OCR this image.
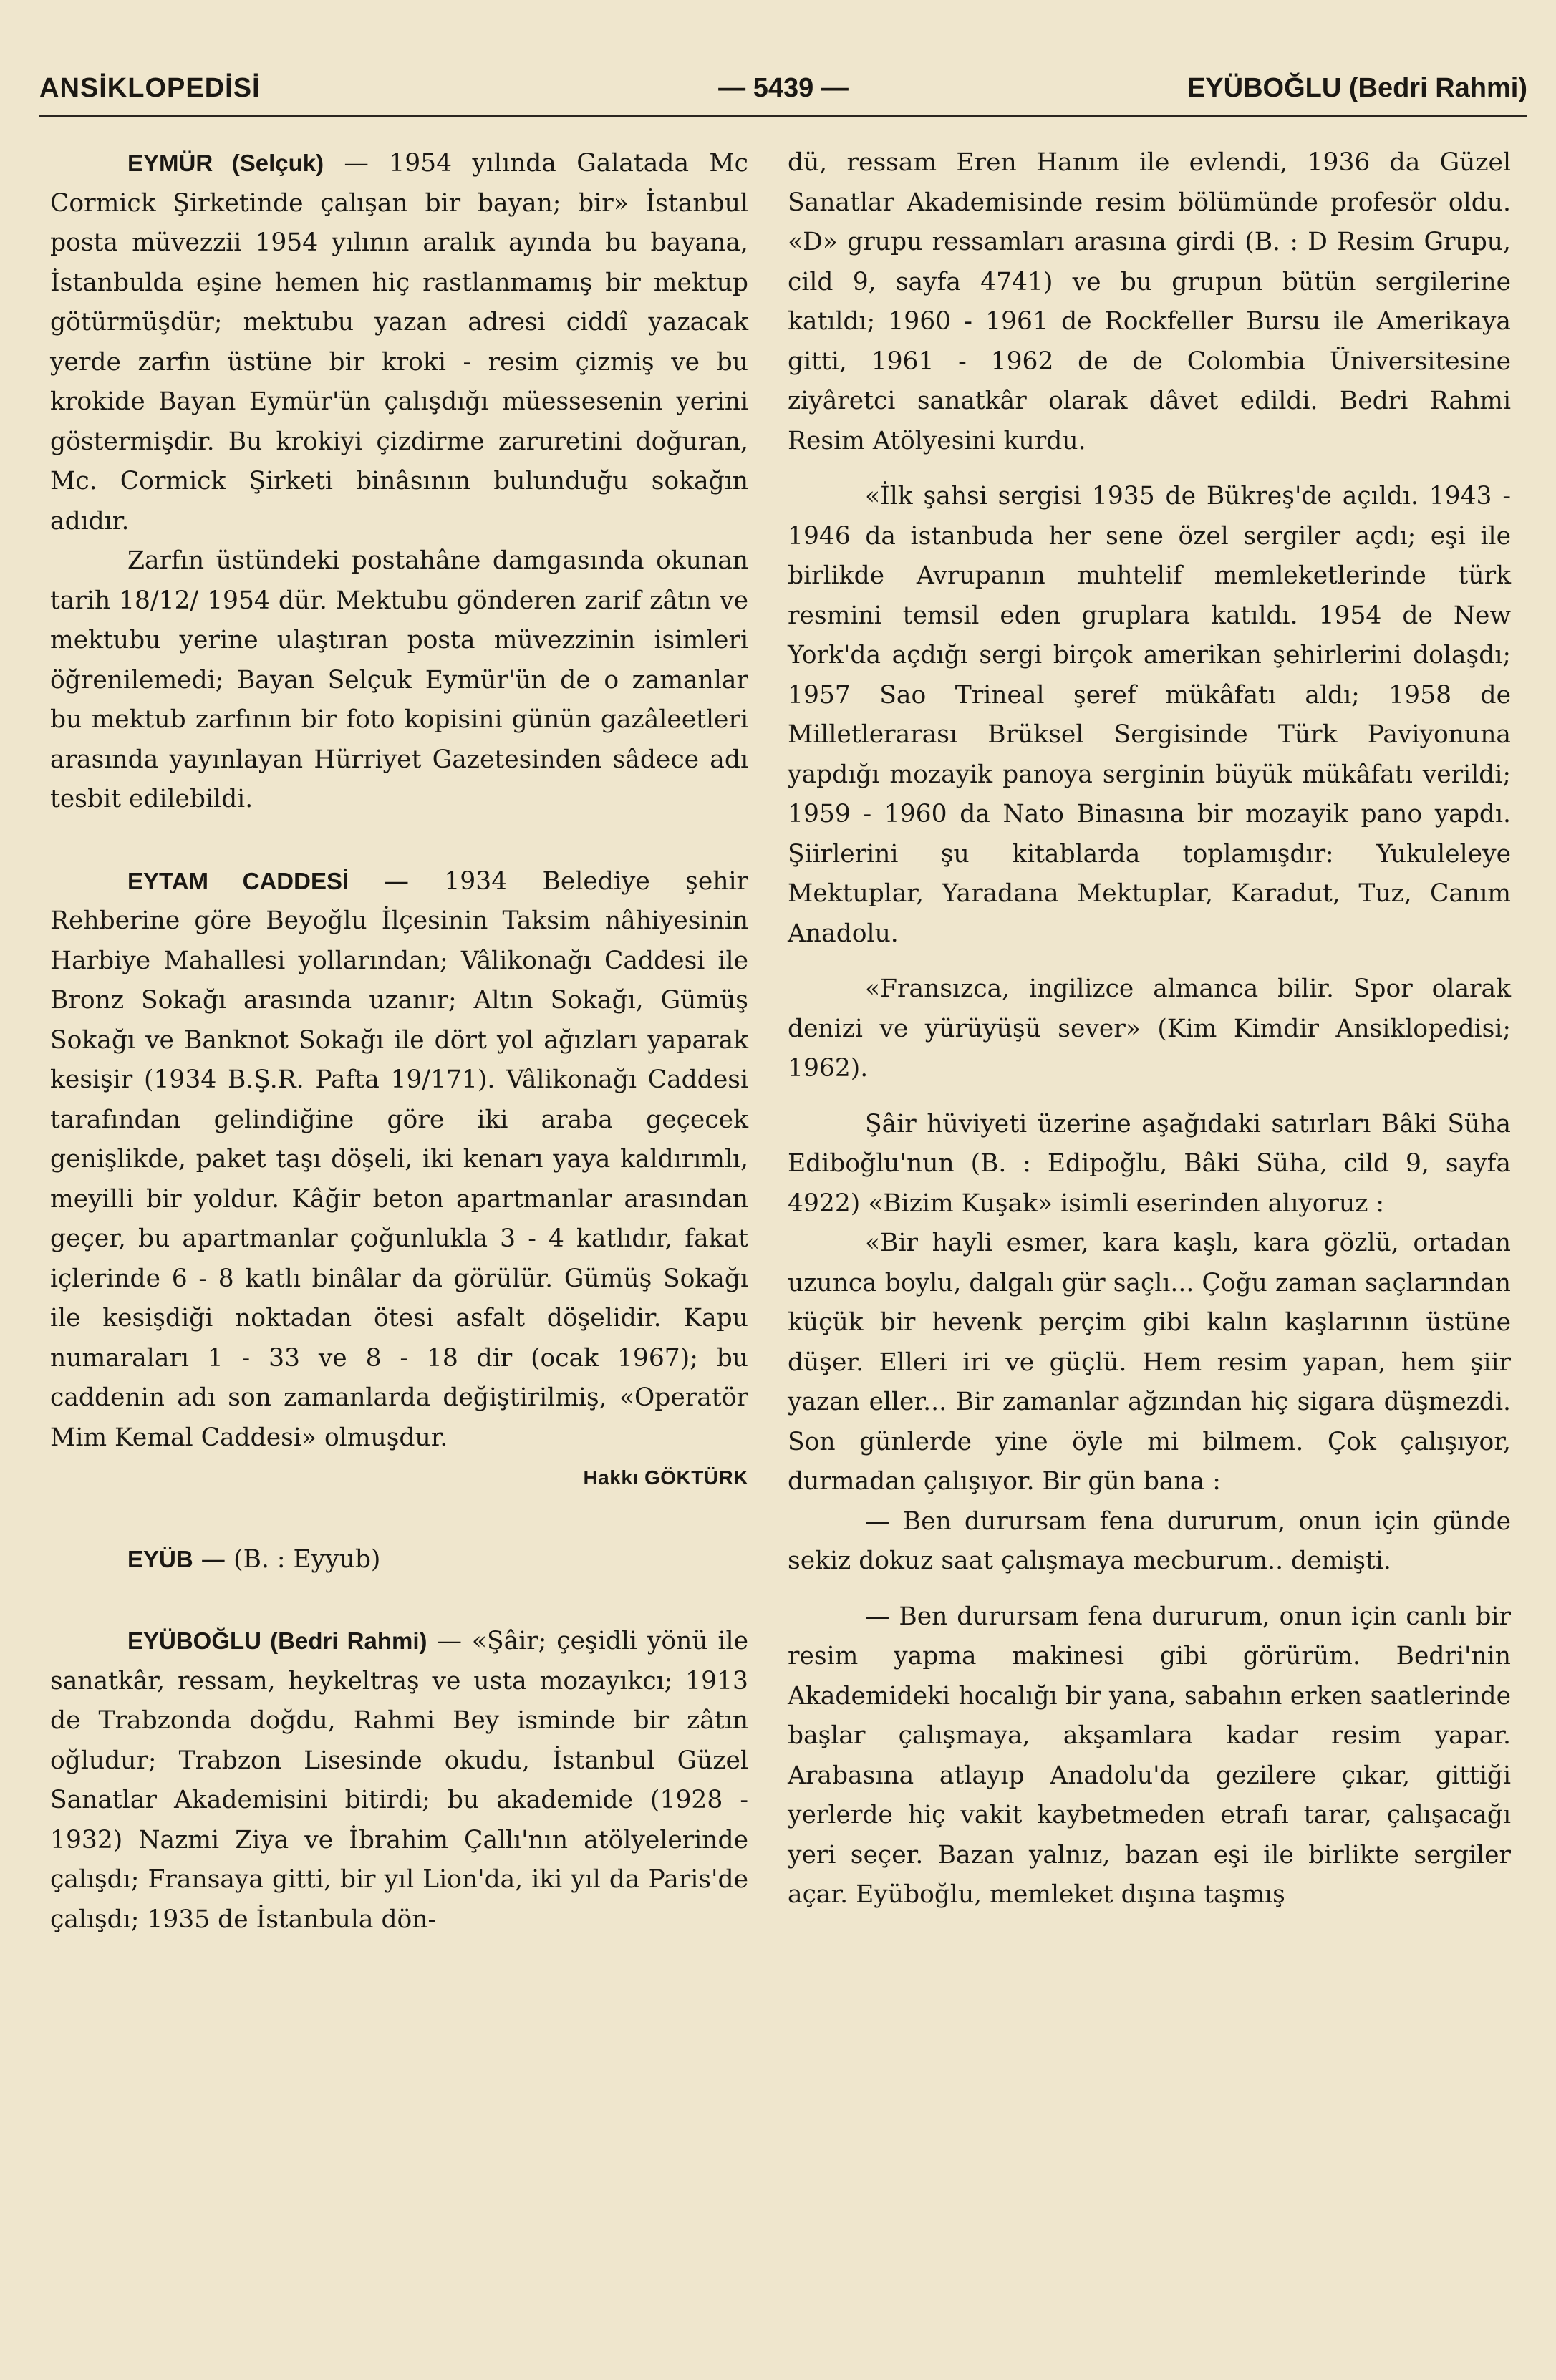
ANSİKLOPEDİSİ	— 5439 —	EYÜBOĞLU (Bedri Rahmi)

EYMÜR (Selçuk) — 1954 yılında Galatada Mc Cormick Şirketinde çalışan bir bayan; bir» İstanbul posta müvezzii 1954 yılının aralık ayında bu bayana, İstanbulda eşine hemen hiç rastlanmamış bir mektup götürmüşdür; mektubu yazan adresi ciddî yazacak yerde zarfın üstüne bir kroki - resim çizmiş ve bu krokide Bayan Eymür'ün çalışdığı müessesenin yerini göstermişdir. Bu krokiyi çizdirme zaruretini doğuran, Mc. Cormick Şirketi binâsının bulunduğu sokağın adıdır.

Zarfın üstündeki postahâne damgasında okunan tarih 18/12/ 1954 dür. Mektubu gönderen zarif zâtın ve mektubu yerine ulaştıran posta müvezzinin isimleri öğrenilemedi; Bayan Selçuk Eymür'ün de o zamanlar bu mektub zarfının bir foto kopisini günün gazâleetleri arasında yayınlayan Hürriyet Gazetesinden sâdece adı tesbit edilebildi.

EYTAM CADDESİ — 1934 Belediye şehir Rehberine göre Beyoğlu İlçesinin Taksim nâhiyesinin Harbiye Mahallesi yollarından; Vâlikonağı Caddesi ile Bronz Sokağı arasında uzanır; Altın Sokağı, Gümüş Sokağı ve Banknot Sokağı ile dört yol ağızları yaparak kesişir (1934 B.Ş.R. Pafta 19/171). Vâlikonağı Caddesi tarafından gelindiğine göre iki araba geçecek genişlikde, paket taşı döşeli, iki kenarı yaya kaldırımlı, meyilli bir yoldur. Kâğir beton apartmanlar arasından geçer, bu apartmanlar çoğunlukla 3 - 4 katlıdır, fakat içlerinde 6 - 8 katlı binâlar da görülür. Gümüş Sokağı ile kesişdiği noktadan ötesi asfalt döşelidir. Kapu numaraları 1 - 33 ve 8 - 18 dir (ocak 1967); bu caddenin adı son zamanlarda değiştirilmiş, «Operatör Mim Kemal Caddesi» olmuşdur.

Hakkı GÖKTÜRK

EYÜB — (B. : Eyyub)

EYÜBOĞLU (Bedri Rahmi) — «Şâir; çeşidli yönü ile sanatkâr, ressam, heykeltraş ve usta mozayıkcı; 1913 de Trabzonda doğdu, Rahmi Bey isminde bir zâtın oğludur; Trabzon Lisesinde okudu, İstanbul Güzel Sanatlar Akademisini bitirdi; bu akademide (1928 - 1932) Nazmi Ziya ve İbrahim Çallı'nın atölyelerinde çalışdı; Fransaya gitti, bir yıl Lion'da, iki yıl da Paris'de çalışdı; 1935 de İstanbula dön-

dü, ressam Eren Hanım ile evlendi, 1936 da Güzel Sanatlar Akademisinde resim bölümünde profesör oldu. «D» grupu ressamları arasına girdi (B. : D Resim Grupu, cild 9, sayfa 4741) ve bu grupun bütün sergilerine katıldı; 1960 - 1961 de Rockfeller Bursu ile Amerikaya gitti, 1961 - 1962 de de Colombia Üniversitesine ziyâretci sanatkâr olarak dâvet edildi. Bedri Rahmi Resim Atölyesini kurdu.

«İlk şahsi sergisi 1935 de Bükreş'de açıldı. 1943 - 1946 da istanbuda her sene özel sergiler açdı; eşi ile birlikde Avrupanın muhtelif memleketlerinde türk resmini temsil eden gruplara katıldı. 1954 de New York'da açdığı sergi birçok amerikan şehirlerini dolaşdı; 1957 Sao Trineal şeref mükâfatı aldı; 1958 de Milletlerarası Brüksel Sergisinde Türk Paviyonuna yapdığı mozayik panoya serginin büyük mükâfatı verildi; 1959 - 1960 da Nato Binasına bir mozayik pano yapdı. Şiirlerini şu kitablarda toplamışdır: Yukuleleye Mektuplar, Yaradana Mektuplar, Karadut, Tuz, Canım Anadolu.

«Fransızca, ingilizce almanca bilir. Spor olarak denizi ve yürüyüşü sever» (Kim Kimdir Ansiklopedisi; 1962).

Şâir hüviyeti üzerine aşağıdaki satırları Bâki Süha Ediboğlu'nun (B. : Edipoğlu, Bâki Süha, cild 9, sayfa 4922) «Bizim Kuşak» isimli eserinden alıyoruz :

«Bir hayli esmer, kara kaşlı, kara gözlü, ortadan uzunca boylu, dalgalı gür saçlı... Çoğu zaman saçlarından küçük bir hevenk perçim gibi kalın kaşlarının üstüne düşer. Elleri iri ve güçlü. Hem resim yapan, hem şiir yazan eller... Bir zamanlar ağzından hiç sigara düşmezdi. Son günlerde yine öyle mi bilmem. Çok çalışıyor, durmadan çalışıyor. Bir gün bana :

— Ben durursam fena dururum, onun için günde sekiz dokuz saat çalışmaya mecburum.. demişti.

— Ben durursam fena dururum, onun için canlı bir resim yapma makinesi gibi görürüm. Bedri'nin Akademideki hocalığı bir yana, sabahın erken saatlerinde başlar çalışmaya, akşamlara kadar resim yapar. Arabasına atlayıp Anadolu'da gezilere çıkar, gittiği yerlerde hiç vakit kaybetmeden etrafı tarar, çalışacağı yeri seçer. Bazan yalnız, bazan eşi ile birlikte sergiler açar. Eyüboğlu, memleket dışına taşmış
